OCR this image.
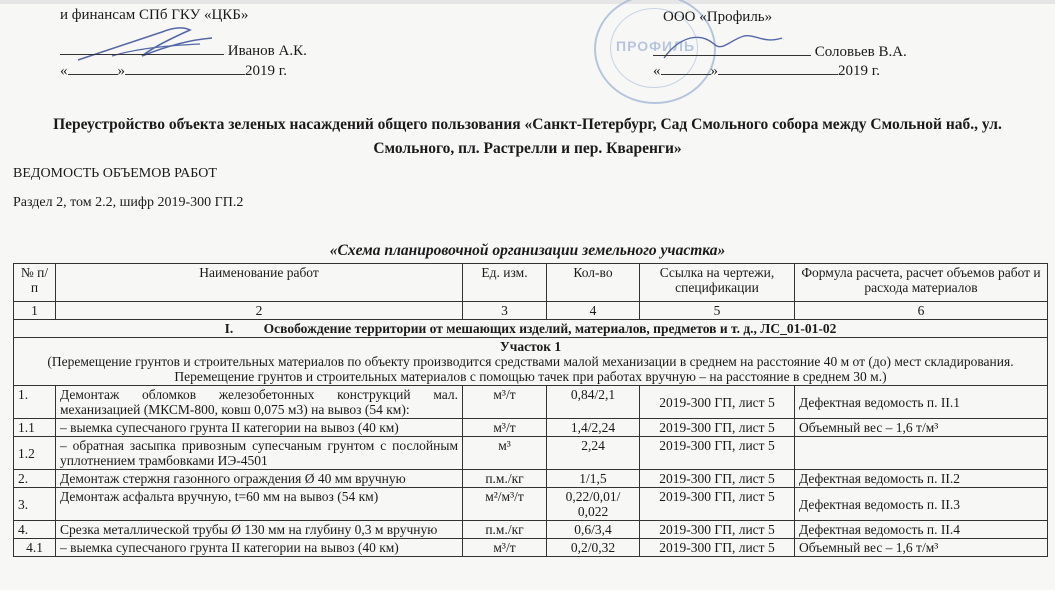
и финансам СПб ГКУ «ЦКБ»
Иванов А.К.
«	»	2019 г.
ПРОФИЛЬ
ООО «Профиль»
Соловьев В.А.
«	»	2019 г.
Переустройство объекта зеленых насаждений общего пользования «Санкт-Петербург, Сад Смольного собора между Смольной наб., ул. Смольного, пл. Растрелли и пер. Кваренги»
ВЕДОМОСТЬ ОБЪЕМОВ РАБОТ
Раздел 2, том 2.2, шифр 2019-300 ГП.2
«Схема планировочной организации земельного участка»
№ п/п	Наименование работ	Ед. изм.	Кол-во	Ссылка на чертежи, спецификации	Формула расчета, расчет объемов работ и расхода материалов
1	2	3	4	5	6
I.         Освобождение территории от мешающих изделий, материалов, предметов и т. д., ЛС_01-01-02					

Участок 1
(Перемещение грунтов и строительных материалов по объекту производится средствами малой механизации в среднем на расстояние 40 м от (до) мест складирования. Перемещение грунтов и строительных материалов с помощью тачек при работах вручную – на расстояние в среднем 30 м.)					

1.	Демонтаж обломков железобетонных конструкций мал. механизацией (МКСМ-800, ковш 0,075 м3) на вывоз (54 км):	м³/т	0,84/2,1	2019-300 ГП, лист 5	Дефектная ведомость п. II.1
1.1	– выемка супесчаного грунта II категории на вывоз (40 км)	м³/т	1,4/2,24	2019-300 ГП, лист 5	Объемный вес – 1,6 т/м³
1.2	– обратная засыпка привозным супесчаным грунтом с послойным уплотнением трамбовками ИЭ-4501	м³	2,24	2019-300 ГП, лист 5	
2.	Демонтаж стержня газонного ограждения Ø 40 мм вручную	п.м./кг	1/1,5	2019-300 ГП, лист 5	Дефектная ведомость п. II.2
3.	Демонтаж асфальта вручную, t=60 мм на вывоз (54 км)	м²/м³/т	0,22/0,01/ 0,022	2019-300 ГП, лист 5	Дефектная ведомость п. II.3
4.	Срезка металлической трубы Ø 130 мм на глубину 0,3 м вручную	п.м./кг	0,6/3,4	2019-300 ГП, лист 5	Дефектная ведомость п. II.4
4.1	– выемка супесчаного грунта II категории на вывоз (40 км)	м³/т	0,2/0,32	2019-300 ГП, лист 5	Объемный вес – 1,6 т/м³
